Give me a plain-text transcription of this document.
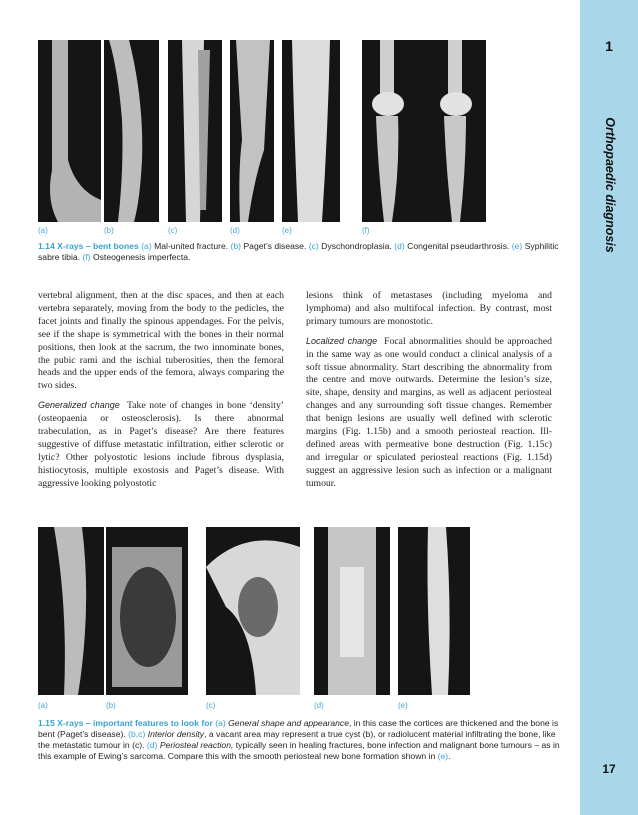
1
Orthopaedic diagnosis
17
(a)	(b)	(c)	(d)	(e)	(f)
1.14 X-rays – bent bones (a) Mal-united fracture. (b) Paget’s disease. (c) Dyschondroplasia. (d) Congenital pseudarthrosis. (e) Syphilitic sabre tibia. (f) Osteogenesis imperfecta.

vertebral alignment, then at the disc spaces, and then at each vertebra separately, moving from the body to the pedicles, the facet joints and finally the spinous appendages. For the pelvis, see if the shape is symmetrical with the bones in their normal positions, then look at the sacrum, the two innominate bones, the pubic rami and the ischial tuberosities, then the femoral heads and the upper ends of the femora, always comparing the two sides.

Generalized change Take note of changes in bone ‘density’ (osteopaenia or osteosclerosis). Is there abnormal trabeculation, as in Paget’s disease? Are there features suggestive of diffuse metastatic infiltration, either sclerotic or lytic? Other polyostotic lesions include fibrous dysplasia, histiocytosis, multiple exostosis and Paget’s disease. With aggressive looking polyostotic

lesions think of metastases (including myeloma and lymphoma) and also multifocal infection. By contrast, most primary tumours are monostotic.

Localized change Focal abnormalities should be approached in the same way as one would conduct a clinical analysis of a soft tissue abnormality. Start describing the abnormality from the centre and move outwards. Determine the lesion’s size, site, shape, density and margins, as well as adjacent periosteal changes and any surrounding soft tissue changes. Remember that benign lesions are usually well defined with sclerotic margins (Fig. 1.15b) and a smooth periosteal reaction. Ill-defined areas with permeative bone destruction (Fig. 1.15c) and irregular or spiculated periosteal reactions (Fig. 1.15d) suggest an aggressive lesion such as infection or a malignant tumour.

(a)	(b)	(c)	(d)	(e)
1.15 X-rays – important features to look for (a) General shape and appearance, in this case the cortices are thickened and the bone is bent (Paget’s disease). (b,c) Interior density, a vacant area may represent a true cyst (b), or radiolucent material infiltrating the bone, like the metastatic tumour in (c). (d) Periosteal reaction, typically seen in healing fractures, bone infection and malignant bone tumours – as in this example of Ewing’s sarcoma. Compare this with the smooth periosteal new bone formation shown in (e).
